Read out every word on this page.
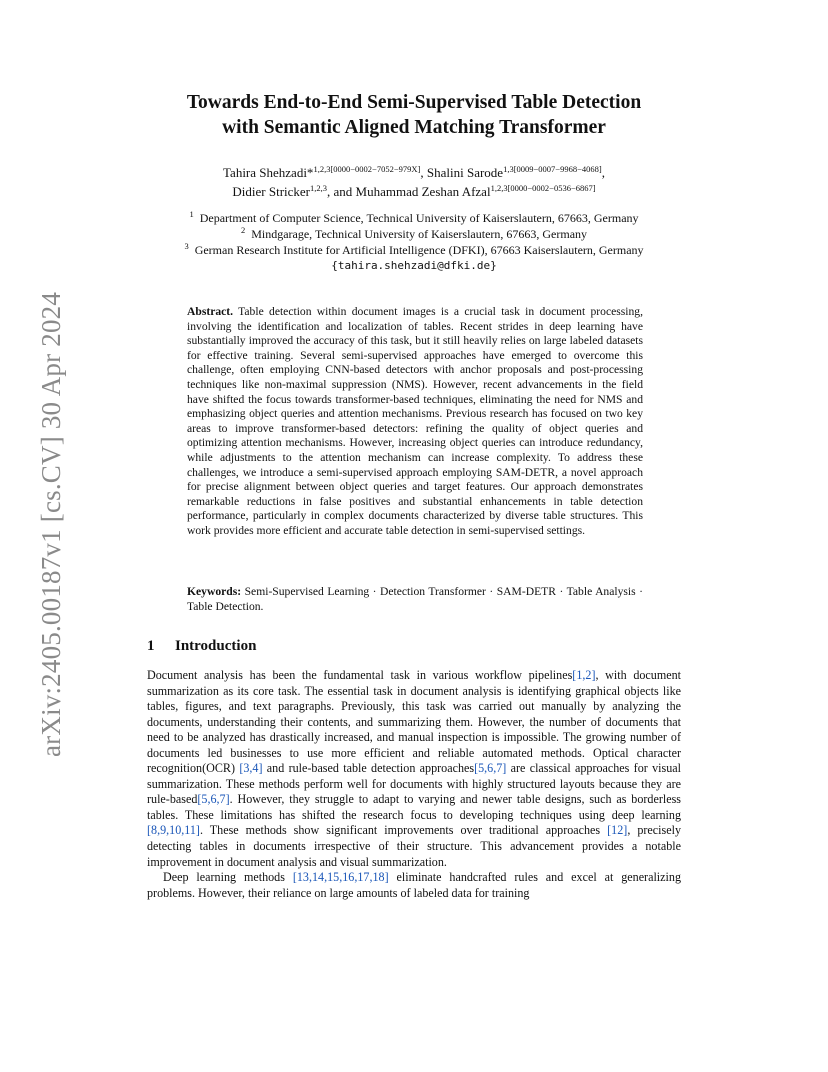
arXiv:2405.00187v1 [cs.CV] 30 Apr 2024
Towards End-to-End Semi-Supervised Table Detection
with Semantic Aligned Matching Transformer
Tahira Shehzadi*$^{1,2,3[0000-0002-7052-979X]}$, Shalini Sarode$^{1,3[0009-0007-9968-4068]}$,
Didier Stricker$^{1,2,3}$, and Muhammad Zeshan Afzal$^{1,2,3[0000-0002-0536-6867]}$
$^1$ Department of Computer Science, Technical University of Kaiserslautern, 67663, Germany
$^2$ Mindgarage, Technical University of Kaiserslautern, 67663, Germany
$^3$ German Research Institute for Artificial Intelligence (DFKI), 67663 Kaiserslautern, Germany
{tahira.shehzadi@dfki.de}
Abstract. Table detection within document images is a crucial task in document processing, involving the identification and localization of tables. Recent strides in deep learning have substantially improved the accuracy of this task, but it still heavily relies on large labeled datasets for effective training. Several semi-supervised approaches have emerged to overcome this challenge, often employing CNN-based detectors with anchor proposals and post-processing techniques like non-maximal suppression (NMS). However, recent advancements in the field have shifted the focus towards transformer-based techniques, eliminating the need for NMS and emphasizing object queries and attention mechanisms. Previous research has focused on two key areas to improve transformer-based detectors: refining the quality of object queries and optimizing attention mechanisms. However, increasing object queries can introduce redundancy, while adjustments to the attention mechanism can increase complexity. To address these challenges, we introduce a semi-supervised approach employing SAM-DETR, a novel approach for precise alignment between object queries and target features. Our approach demonstrates remarkable reductions in false positives and substantial enhancements in table detection performance, particularly in complex documents characterized by diverse table structures. This work provides more efficient and accurate table detection in semi-supervised settings.
Keywords: Semi-Supervised Learning · Detection Transformer · SAM-DETR · Table Analysis · Table Detection.
1 Introduction

Document analysis has been the fundamental task in various workflow pipelines[1,2], with document summarization as its core task. The essential task in document analysis is identifying graphical objects like tables, figures, and text paragraphs. Previously, this task was carried out manually by analyzing the documents, understanding their contents, and summarizing them. However, the number of documents that need to be analyzed has drastically increased, and manual inspection is impossible. The growing number of documents led businesses to use more efficient and reliable automated methods. Optical character recognition(OCR) [3,4] and rule-based table detection approaches[5,6,7] are classical approaches for visual summarization. These methods perform well for documents with highly structured layouts because they are rule-based[5,6,7]. However, they struggle to adapt to varying and newer table designs, such as borderless tables. These limitations has shifted the research focus to developing techniques using deep learning [8,9,10,11]. These methods show significant improvements over traditional approaches [12], precisely detecting tables in documents irrespective of their structure. This advancement provides a notable improvement in document analysis and visual summarization.

Deep learning methods [13,14,15,16,17,18] eliminate handcrafted rules and excel at generalizing problems. However, their reliance on large amounts of labeled data for training
